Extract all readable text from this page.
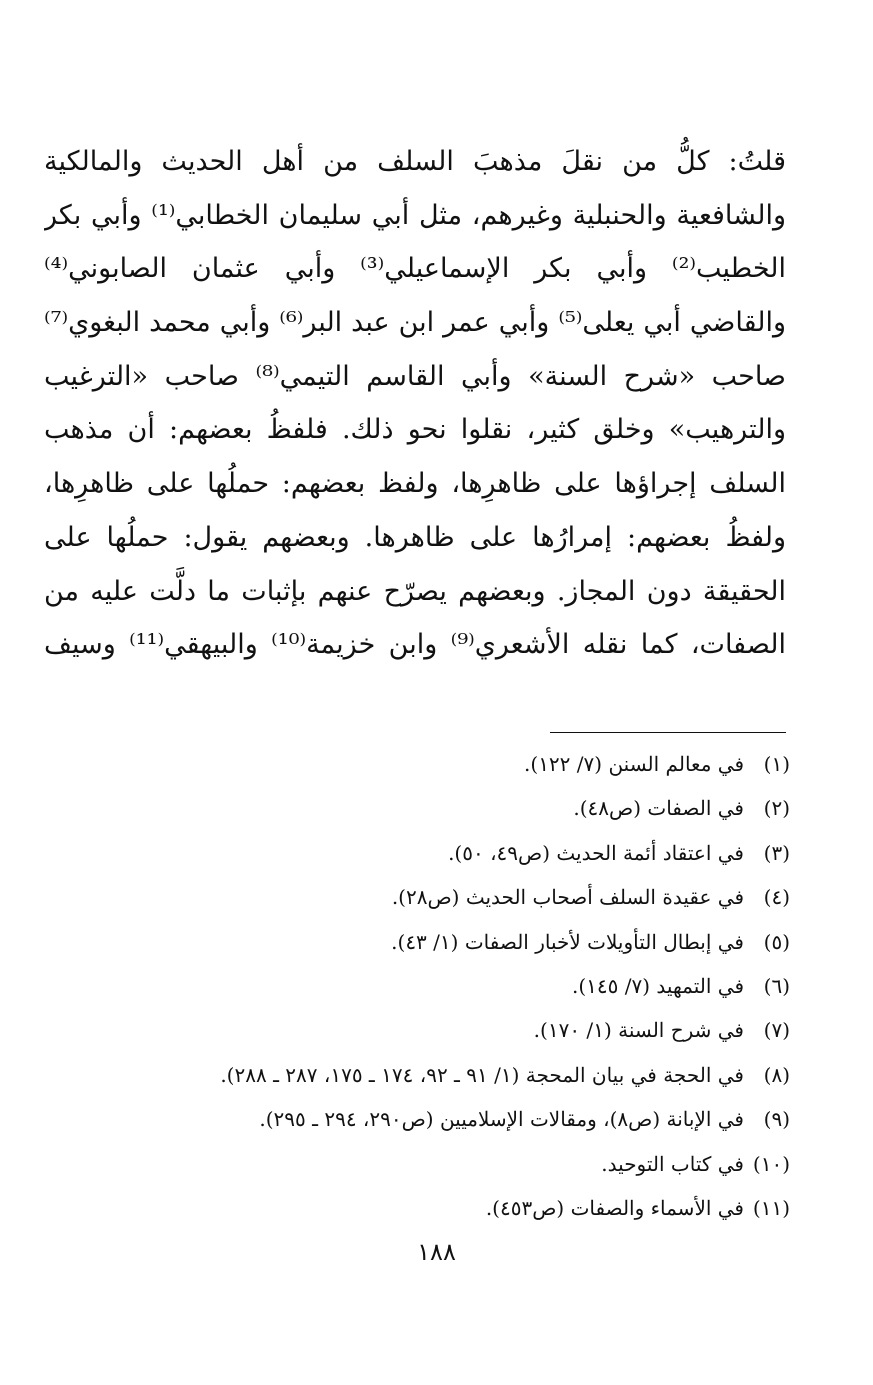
قلتُ: كلُّ من نقلَ مذهبَ السلف من أهل الحديث والمالكية
والشافعية والحنبلية وغيرهم، مثل أبي سليمان الخطابي⁽¹⁾ وأبي بكر
الخطيب⁽²⁾ وأبي بكر الإسماعيلي⁽³⁾ وأبي عثمان الصابوني⁽⁴⁾
والقاضي أبي يعلى⁽⁵⁾ وأبي عمر ابن عبد البر⁽⁶⁾ وأبي محمد البغوي⁽⁷⁾
صاحب «شرح السنة» وأبي القاسم التيمي⁽⁸⁾ صاحب «الترغيب
والترهيب» وخلق كثير، نقلوا نحو ذلك. فلفظُ بعضهم: أن مذهب
السلف إجراؤها على ظاهرِها، ولفظ بعضهم: حملُها على ظاهرِها،
ولفظُ بعضهم: إمرارُها على ظاهرها. وبعضهم يقول: حملُها على
الحقيقة دون المجاز. وبعضهم يصرّح عنهم بإثبات ما دلَّت عليه من
الصفات، كما نقله الأشعري⁽⁹⁾ وابن خزيمة⁽¹⁰⁾ والبيهقي⁽¹¹⁾ وسيف
(١)
في معالم السنن (٧/ ١٢٢).
(٢)
في الصفات (ص٤٨).
(٣)
في اعتقاد أئمة الحديث (ص٤٩، ٥٠).
(٤)
في عقيدة السلف أصحاب الحديث (ص٢٨).
(٥)
في إبطال التأويلات لأخبار الصفات (١/ ٤٣).
(٦)
في التمهيد (٧/ ١٤٥).
(٧)
في شرح السنة (١/ ١٧٠).
(٨)
في الحجة في بيان المحجة (١/ ٩١ ـ ٩٢، ١٧٤ ـ ١٧٥، ٢٨٧ ـ ٢٨٨).
(٩)
في الإبانة (ص٨)، ومقالات الإسلاميين (ص٢٩٠، ٢٩٤ ـ ٢٩٥).
(١٠)
في كتاب التوحيد.
(١١)
في الأسماء والصفات (ص٤٥٣).
١٨٨
